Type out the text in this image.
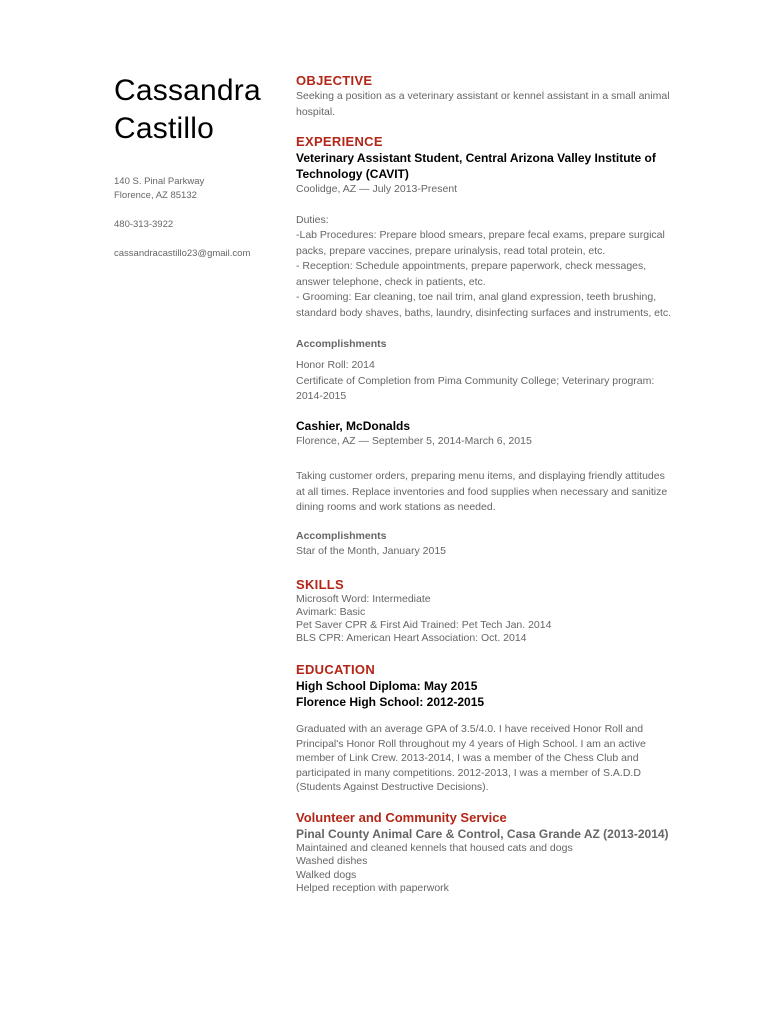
Cassandra
Castillo
140 S. Pinal Parkway
Florence, AZ 85132
480-313-3922
cassandracastillo23@gmail.com
OBJECTIVE
Seeking a position as a veterinary assistant or kennel assistant in a small animal
hospital.
EXPERIENCE
Veterinary Assistant Student, Central Arizona Valley Institute of
Technology (CAVIT)
Coolidge, AZ — July 2013-Present
Duties:
-Lab Procedures: Prepare blood smears, prepare fecal exams, prepare surgical
packs, prepare vaccines, prepare urinalysis, read total protein, etc.
- Reception: Schedule appointments, prepare paperwork, check messages,
answer telephone, check in patients, etc.
- Grooming: Ear cleaning, toe nail trim, anal gland expression, teeth brushing,
standard body shaves, baths, laundry, disinfecting surfaces and instruments, etc.
Accomplishments
Honor Roll: 2014
Certificate of Completion from Pima Community College; Veterinary program:
2014-2015
Cashier, McDonalds
Florence, AZ — September 5, 2014-March 6, 2015
Taking customer orders, preparing menu items, and displaying friendly attitudes
at all times. Replace inventories and food supplies when necessary and sanitize
dining rooms and work stations as needed.
Accomplishments
Star of the Month, January 2015
SKILLS
Microsoft Word: Intermediate
Avimark: Basic
Pet Saver CPR & First Aid Trained: Pet Tech Jan. 2014
BLS CPR: American Heart Association: Oct. 2014
EDUCATION
High School Diploma: May 2015
Florence High School: 2012-2015
Graduated with an average GPA of 3.5/4.0. I have received Honor Roll and
Principal's Honor Roll throughout my 4 years of High School. I am an active
member of Link Crew. 2013-2014, I was a member of the Chess Club and
participated in many competitions. 2012-2013, I was a member of S.A.D.D
(Students Against Destructive Decisions).
Volunteer and Community Service
Pinal County Animal Care & Control, Casa Grande AZ (2013-2014)
Maintained and cleaned kennels that housed cats and dogs
Washed dishes
Walked dogs
Helped reception with paperwork
